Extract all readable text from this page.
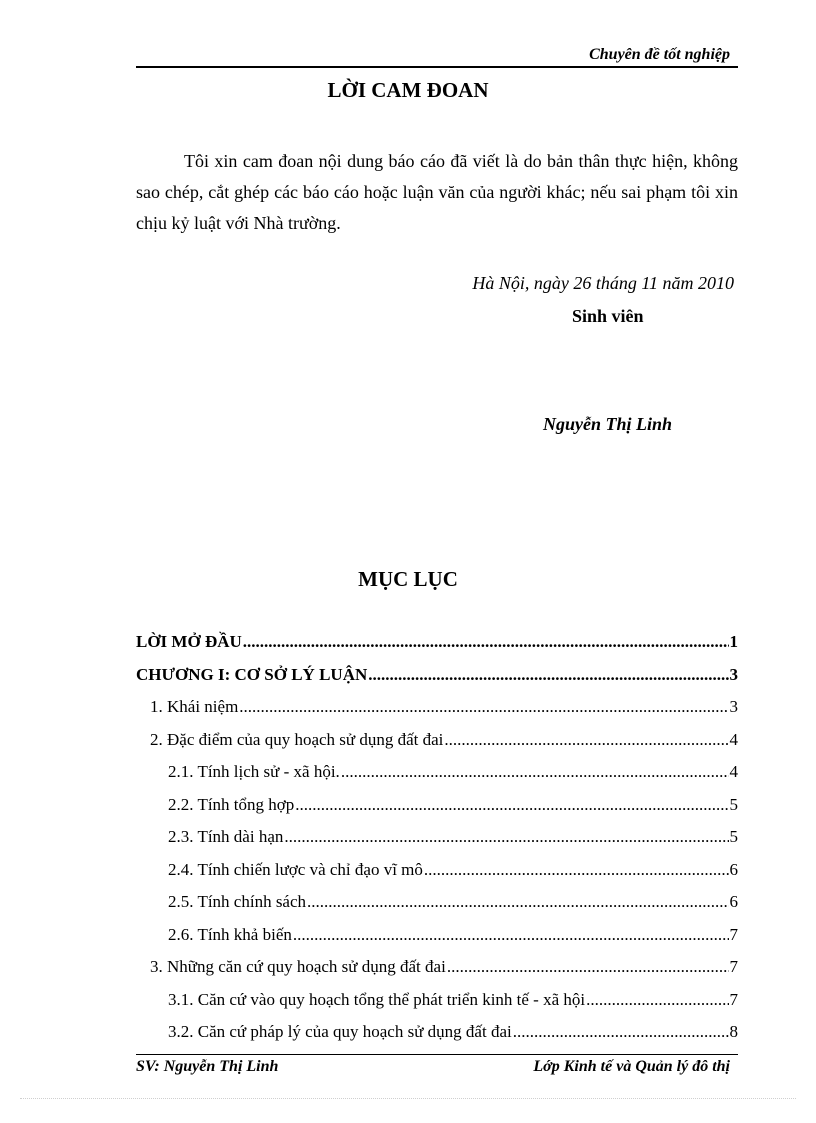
Chuyên đề tốt nghiệp
LỜI CAM ĐOAN

Tôi xin cam đoan nội dung báo cáo đã viết là do bản thân thực hiện, không sao chép, cắt ghép các báo cáo hoặc luận văn của người khác; nếu sai phạm tôi xin chịu kỷ luật với Nhà trường.

Hà Nội, ngày 26 tháng 11 năm 2010
Sinh viên
Nguyễn Thị Linh
MỤC LỤC
LỜI MỞ ĐẦU .....	1
CHƯƠNG I: CƠ SỞ LÝ LUẬN .....	3
1. Khái niệm .....	3
2. Đặc điểm của quy hoạch sử dụng đất đai .....	4
2.1. Tính lịch sử - xã hội. .....	4
2.2. Tính tổng hợp .....	5
2.3. Tính dài hạn .....	5
2.4. Tính chiến lược và chỉ đạo vĩ mô .....	6
2.5. Tính chính sách .....	6
2.6. Tính khả biến .....	7
3. Những căn cứ quy hoạch sử dụng đất đai .....	7
3.1. Căn cứ vào quy hoạch tổng thể phát triển kinh tế - xã hội .....	7
3.2. Căn cứ pháp lý của quy hoạch sử dụng đất đai .....	8
SV: Nguyễn Thị Linh	Lớp Kinh tế và Quản lý đô thị
